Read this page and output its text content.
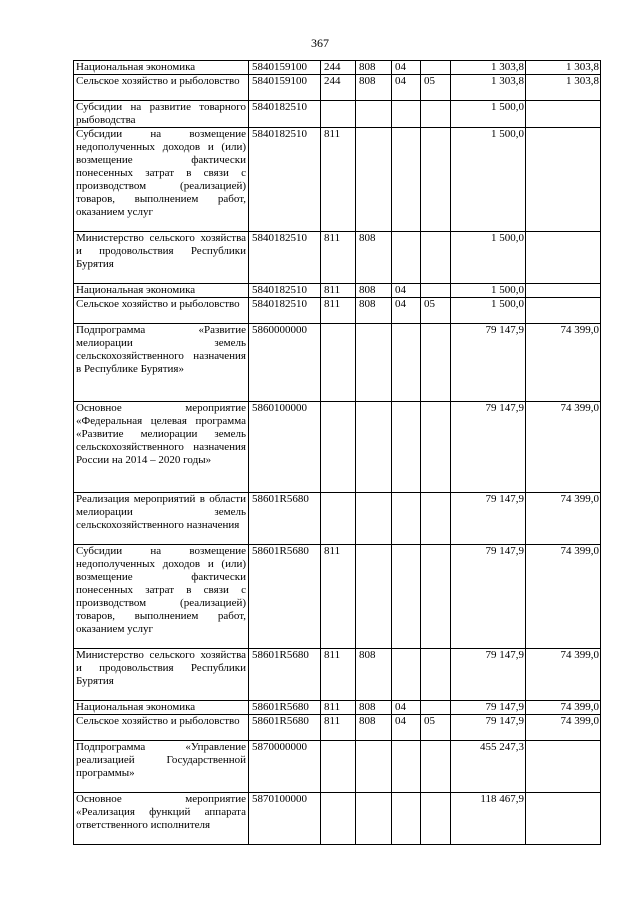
367
Национальная экономика	5840159100	244	808	04		1 303,8	1 303,8
Сельское хозяйство и рыболовство	5840159100	244	808	04	05	1 303,8	1 303,8
Субсидии на развитие товарного рыбоводства	5840182510					1 500,0	
Субсидии на возмещение недополученных доходов и (или) возмещение фактически понесенных затрат в связи с производством (реализацией) товаров, выполнением работ, оказанием услуг	5840182510	811				1 500,0	
Министерство сельского хозяйства и продовольствия Республики Бурятия	5840182510	811	808			1 500,0	
Национальная экономика	5840182510	811	808	04		1 500,0	
Сельское хозяйство и рыболовство	5840182510	811	808	04	05	1 500,0	
Подпрограмма «Развитие мелиорации земель сельскохозяйственного назначения в Республике Бурятия»	5860000000					79 147,9	74 399,0
Основное мероприятие «Федеральная целевая программа «Развитие мелиорации земель сельскохозяйственного назначения России на 2014 – 2020 годы»	5860100000					79 147,9	74 399,0
Реализация мероприятий в области мелиорации земель сельскохозяйственного назначения	58601R5680					79 147,9	74 399,0
Субсидии на возмещение недополученных доходов и (или) возмещение фактически понесенных затрат в связи с производством (реализацией) товаров, выполнением работ, оказанием услуг	58601R5680	811				79 147,9	74 399,0
Министерство сельского хозяйства и продовольствия Республики Бурятия	58601R5680	811	808			79 147,9	74 399,0
Национальная экономика	58601R5680	811	808	04		79 147,9	74 399,0
Сельское хозяйство и рыболовство	58601R5680	811	808	04	05	79 147,9	74 399,0
Подпрограмма «Управление реализацией Государственной программы»	5870000000					455 247,3	
Основное мероприятие «Реализация функций аппарата ответственного исполнителя	5870100000					118 467,9	
